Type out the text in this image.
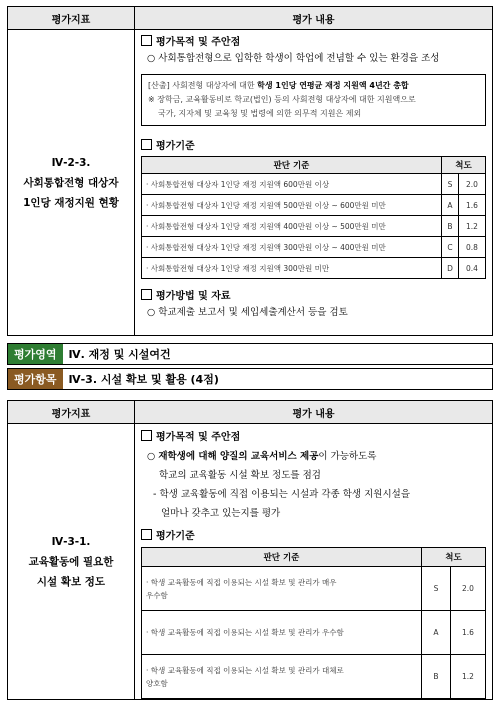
평가지표	평가 내용

Ⅳ-2-3.
사회통합전형 대상자
1인당 재정지원 현황

평가목적 및 주안점
○ 사회통합전형으로 입학한 학생이 학업에 전념할 수 있는 환경을 조성
[산출] 사회전형 대상자에 대한 학생 1인당 연평균 재정 지원액 4년간 총합
※ 장학금, 교육활동비로 학교(법인) 등의 사회전형 대상자에 대한 지원액으로
국가, 지자체 및 교육청 및 법령에 의한 의무적 지원은 제외
평가기준
판단 기준	척도
· 사회통합전형 대상자 1인당 재정 지원액 600만원 이상	S	2.0
· 사회통합전형 대상자 1인당 재정 지원액 500만원 이상 ~ 600만원 미만	A	1.6
· 사회통합전형 대상자 1인당 재정 지원액 400만원 이상 ~ 500만원 미만	B	1.2
· 사회통합전형 대상자 1인당 재정 지원액 300만원 이상 ~ 400만원 미만	C	0.8
· 사회통합전형 대상자 1인당 재정 지원액 300만원 미만	D	0.4
평가방법 및 자료
○ 학교제출 보고서 및 세입세출계산서 등을 검토
평가영역	Ⅳ. 재정 및 시설여건
평가항목	Ⅳ-3. 시설 확보 및 활용 (4점)
평가지표	평가 내용

Ⅳ-3-1.
교육활동에 필요한
시설 확보 정도

평가목적 및 주안점
○ 재학생에 대해 양질의 교육서비스 제공이 가능하도록
학교의 교육활동 시설 확보 정도를 점검
- 학생 교육활동에 직접 이용되는 시설과 각종 학생 지원시설을
얼마나 갖추고 있는지를 평가
평가기준
판단 기준	척도

· 학생 교육활동에 직접 이용되는 시설 확보 및 관리가 매우
우수함
	S	2.0

· 학생 교육활동에 직접 이용되는 시설 확보 및 관리가 우수함	A	1.6

· 학생 교육활동에 직접 이용되는 시설 확보 및 관리가 대체로
양호함
	B	1.2
